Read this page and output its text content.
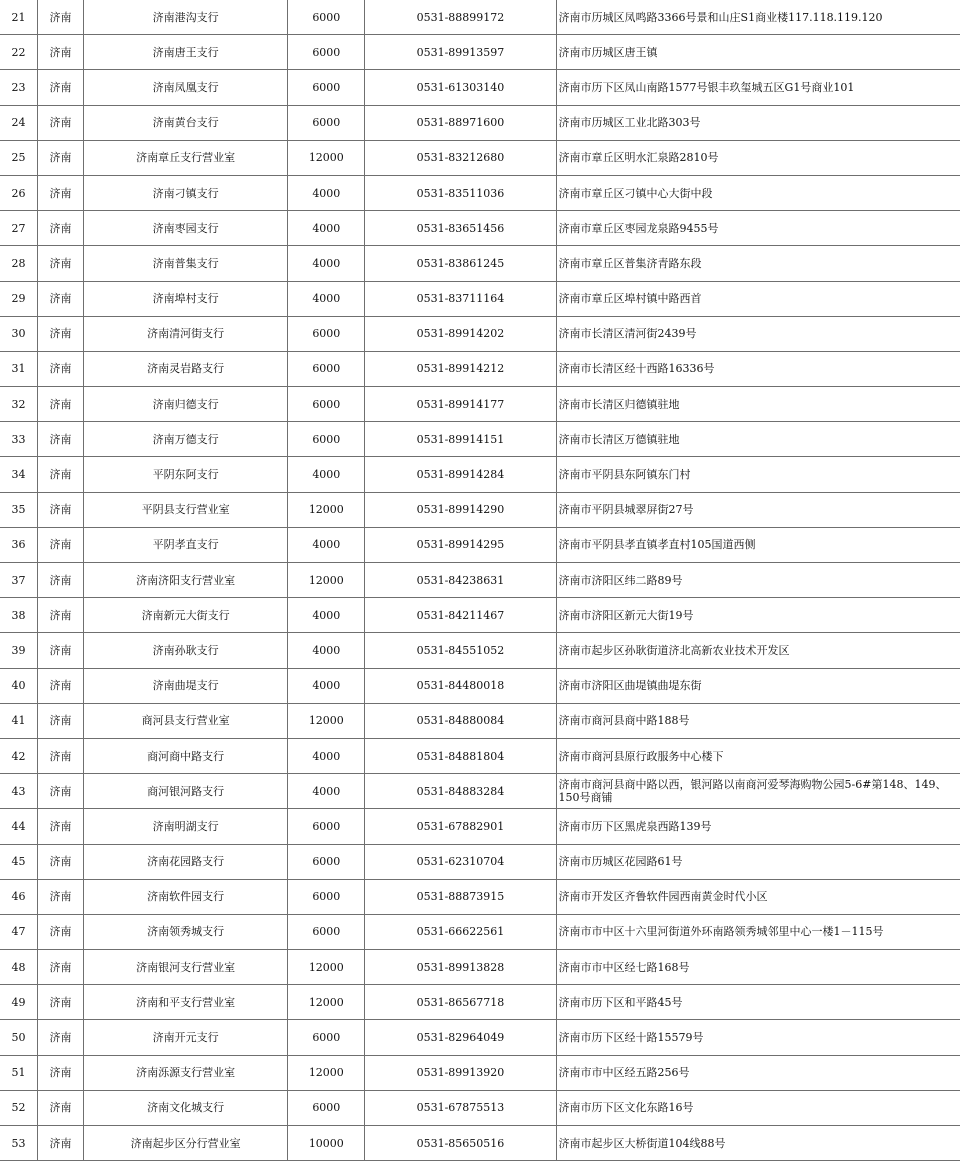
21	济南	济南港沟支行	6000	0531-88899172	济南市历城区凤鸣路3366号景和山庄S1商业楼117.118.119.120
22	济南	济南唐王支行	6000	0531-89913597	济南市历城区唐王镇
23	济南	济南凤凰支行	6000	0531-61303140	济南市历下区凤山南路1577号银丰玖玺城五区G1号商业101
24	济南	济南黄台支行	6000	0531-88971600	济南市历城区工业北路303号
25	济南	济南章丘支行营业室	12000	0531-83212680	济南市章丘区明水汇泉路2810号
26	济南	济南刁镇支行	4000	0531-83511036	济南市章丘区刁镇中心大街中段
27	济南	济南枣园支行	4000	0531-83651456	济南市章丘区枣园龙泉路9455号
28	济南	济南普集支行	4000	0531-83861245	济南市章丘区普集济青路东段
29	济南	济南埠村支行	4000	0531-83711164	济南市章丘区埠村镇中路西首
30	济南	济南清河街支行	6000	0531-89914202	济南市长清区清河街2439号
31	济南	济南灵岩路支行	6000	0531-89914212	济南市长清区经十西路16336号
32	济南	济南归德支行	6000	0531-89914177	济南市长清区归德镇驻地
33	济南	济南万德支行	6000	0531-89914151	济南市长清区万德镇驻地
34	济南	平阴东阿支行	4000	0531-89914284	济南市平阴县东阿镇东门村
35	济南	平阴县支行营业室	12000	0531-89914290	济南市平阴县城翠屏街27号
36	济南	平阴孝直支行	4000	0531-89914295	济南市平阴县孝直镇孝直村105国道西侧
37	济南	济南济阳支行营业室	12000	0531-84238631	济南市济阳区纬二路89号
38	济南	济南新元大街支行	4000	0531-84211467	济南市济阳区新元大街19号
39	济南	济南孙耿支行	4000	0531-84551052	济南市起步区孙耿街道济北高新农业技术开发区
40	济南	济南曲堤支行	4000	0531-84480018	济南市济阳区曲堤镇曲堤东街
41	济南	商河县支行营业室	12000	0531-84880084	济南市商河县商中路188号
42	济南	商河商中路支行	4000	0531-84881804	济南市商河县原行政服务中心楼下
43	济南	商河银河路支行	4000	0531-84883284	济南市商河县商中路以西，银河路以南商河爱琴海购物公园5-6#第148、149、150号商铺
44	济南	济南明湖支行	6000	0531-67882901	济南市历下区黑虎泉西路139号
45	济南	济南花园路支行	6000	0531-62310704	济南市历城区花园路61号
46	济南	济南软件园支行	6000	0531-88873915	济南市开发区齐鲁软件园西南黄金时代小区
47	济南	济南领秀城支行	6000	0531-66622561	济南市市中区十六里河街道外环南路领秀城邻里中心一楼1－115号
48	济南	济南银河支行营业室	12000	0531-89913828	济南市市中区经七路168号
49	济南	济南和平支行营业室	12000	0531-86567718	济南市历下区和平路45号
50	济南	济南开元支行	6000	0531-82964049	济南市历下区经十路15579号
51	济南	济南泺源支行营业室	12000	0531-89913920	济南市市中区经五路256号
52	济南	济南文化城支行	6000	0531-67875513	济南市历下区文化东路16号
53	济南	济南起步区分行营业室	10000	0531-85650516	济南市起步区大桥街道104线88号
